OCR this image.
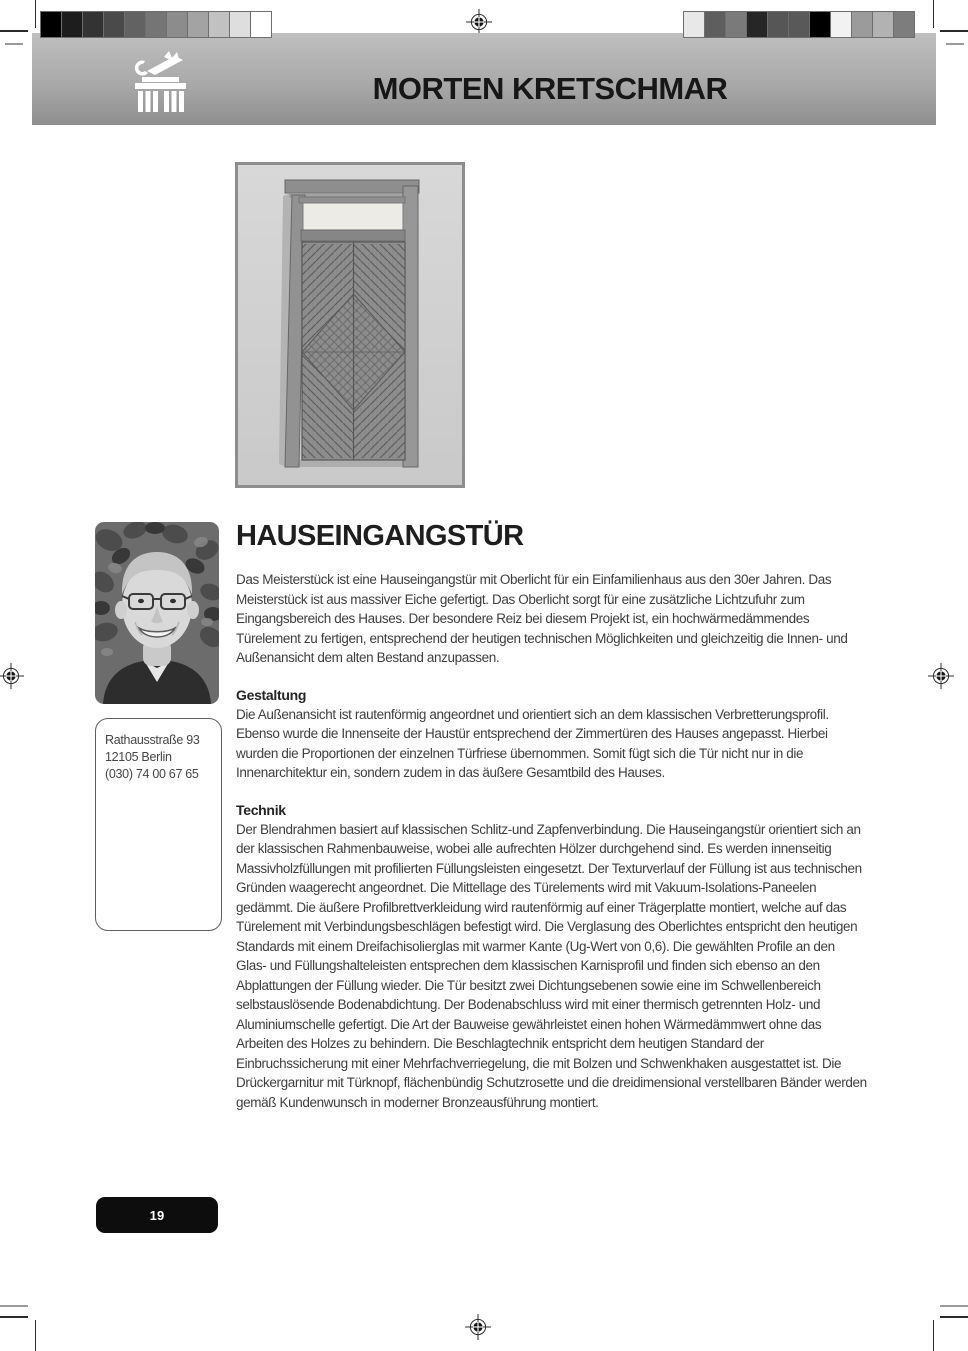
MORTEN KRETSCHMAR
Rathausstraße 93
12105 Berlin
(030) 74 00 67 65
HAUSEINGANGSTÜR

Das Meisterstück ist eine Hauseingangstür mit Oberlicht für ein Einfamilienhaus aus den 30er Jahren. Das Meisterstück ist aus massiver Eiche gefertigt. Das Oberlicht sorgt für eine zusätzliche Lichtzufuhr zum Eingangsbereich des Hauses. Der besondere Reiz bei diesem Projekt ist, ein hochwärmedämmendes Türelement zu fertigen, entsprechend der heutigen technischen Möglichkeiten und gleichzeitig die Innen- und Außenansicht dem alten Bestand anzupassen.

Gestaltung

Die Außenansicht ist rautenförmig angeordnet und orientiert sich an dem klassischen Verbretterungsprofil. Ebenso wurde die Innenseite der Haustür entsprechend der Zimmertüren des Hauses angepasst. Hierbei wurden die Proportionen der einzelnen Türfriese übernommen. Somit fügt sich die Tür nicht nur in die Innenarchitektur ein, sondern zudem in das äußere Gesamtbild des Hauses.

Technik

Der Blendrahmen basiert auf klassischen Schlitz-und Zapfenverbindung. Die Hauseingangstür orientiert sich an der klassischen Rahmenbauweise, wobei alle aufrechten Hölzer durchgehend sind. Es werden innenseitig Massivholzfüllungen mit profilierten Füllungsleisten eingesetzt. Der Texturverlauf der Füllung ist aus technischen Gründen waagerecht angeordnet. Die Mittellage des Türelements wird mit Vakuum-Isolations-Paneelen gedämmt. Die äußere Profilbrettverkleidung wird rautenförmig auf einer Trägerplatte montiert, welche auf das Türelement mit Verbindungsbeschlägen befestigt wird. Die Verglasung des Oberlichtes entspricht den heutigen Standards mit einem Dreifachisolierglas mit warmer Kante (Ug-Wert von 0,6). Die gewählten Profile an den Glas- und Füllungshalteleisten entsprechen dem klassischen Karnisprofil und finden sich ebenso an den Abplattungen der Füllung wieder. Die Tür besitzt zwei Dichtungsebenen sowie eine im Schwellenbereich selbstauslösende Bodenabdichtung. Der Bodenabschluss wird mit einer thermisch getrennten Holz- und Aluminiumschelle gefertigt. Die Art der Bauweise gewährleistet einen hohen Wärmedämmwert ohne das Arbeiten des Holzes zu behindern. Die Beschlagtechnik entspricht dem heutigen Standard der Einbruchssicherung mit einer Mehrfachverriegelung, die mit Bolzen und Schwenkhaken ausgestattet ist. Die Drückergarnitur mit Türknopf, flächenbündig Schutzrosette und die dreidimensional verstellbaren Bänder werden gemäß Kundenwunsch in moderner Bronzeausführung montiert.

19
